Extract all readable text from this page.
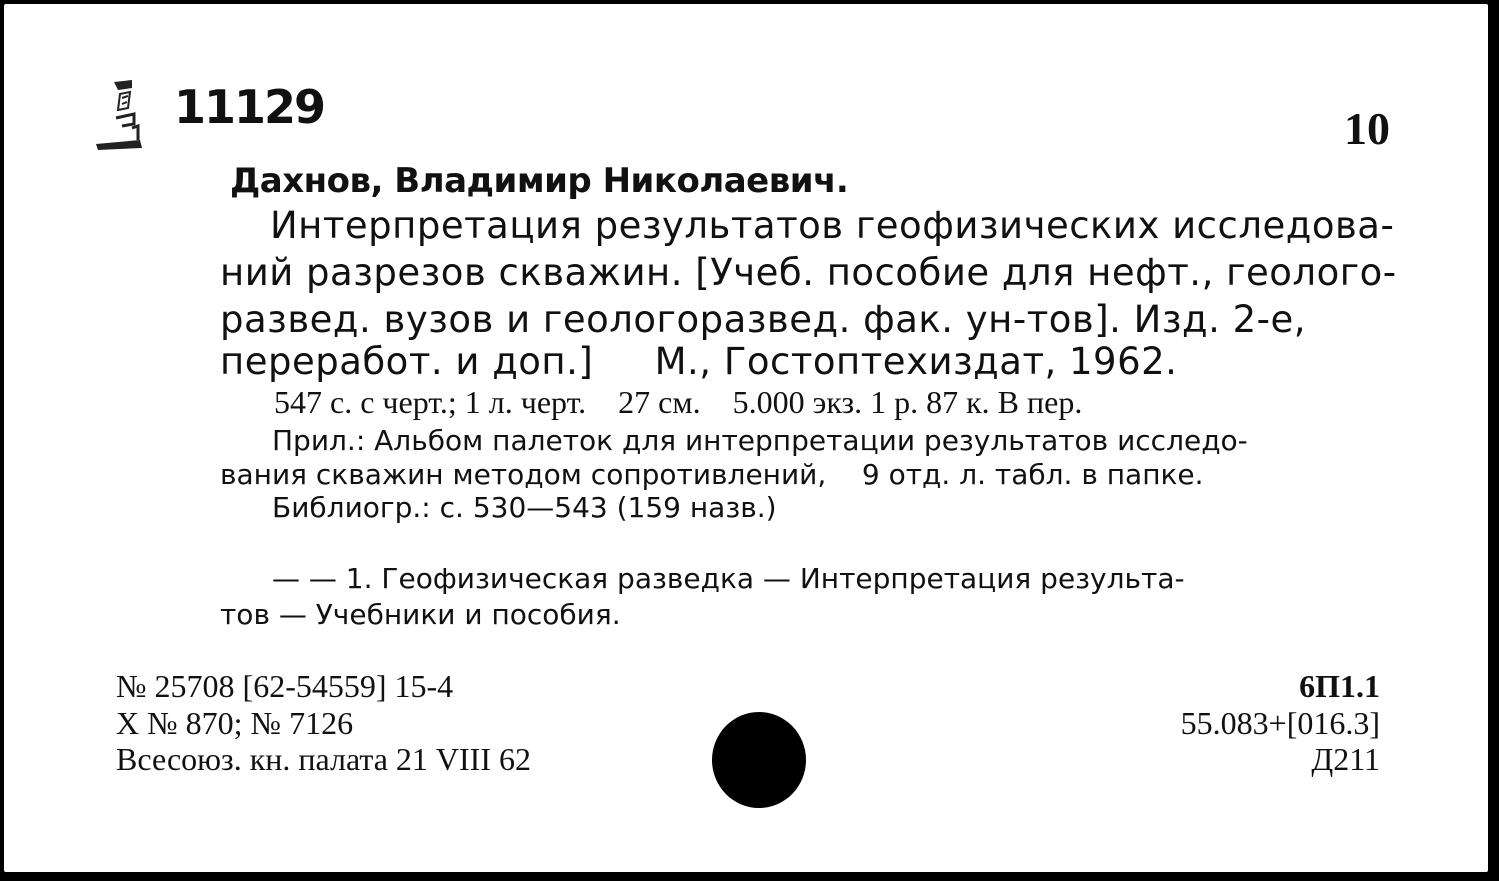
11129	10
Дахнов, Владимир Николаевич.
Интерпретация результатов геофизических исследова-
ний разрезов скважин. [Учеб. пособие для нефт., геолого-
развед. вузов и геологоразвед. фак. ун-тов]. Изд. 2-е,
переработ. и доп.]     М., Гостоптехиздат, 1962.
547 с. с черт.; 1 л. черт.    27 см.    5.000 экз. 1 р. 87 к. В пер.
Прил.: Альбом палеток для интерпретации результатов исследо-
вания скважин методом сопротивлений,    9 отд. л. табл. в папке.
Библиогр.: с. 530—543 (159 назв.)
— — 1. Геофизическая разведка — Интерпретация результа-
тов — Учебники и пособия.
№ 25708 [62-54559] 15-4
X № 870; № 7126
Всесоюз. кн. палата 21 VIII 62
6П1.1
55.083+[016.3]
Д211
